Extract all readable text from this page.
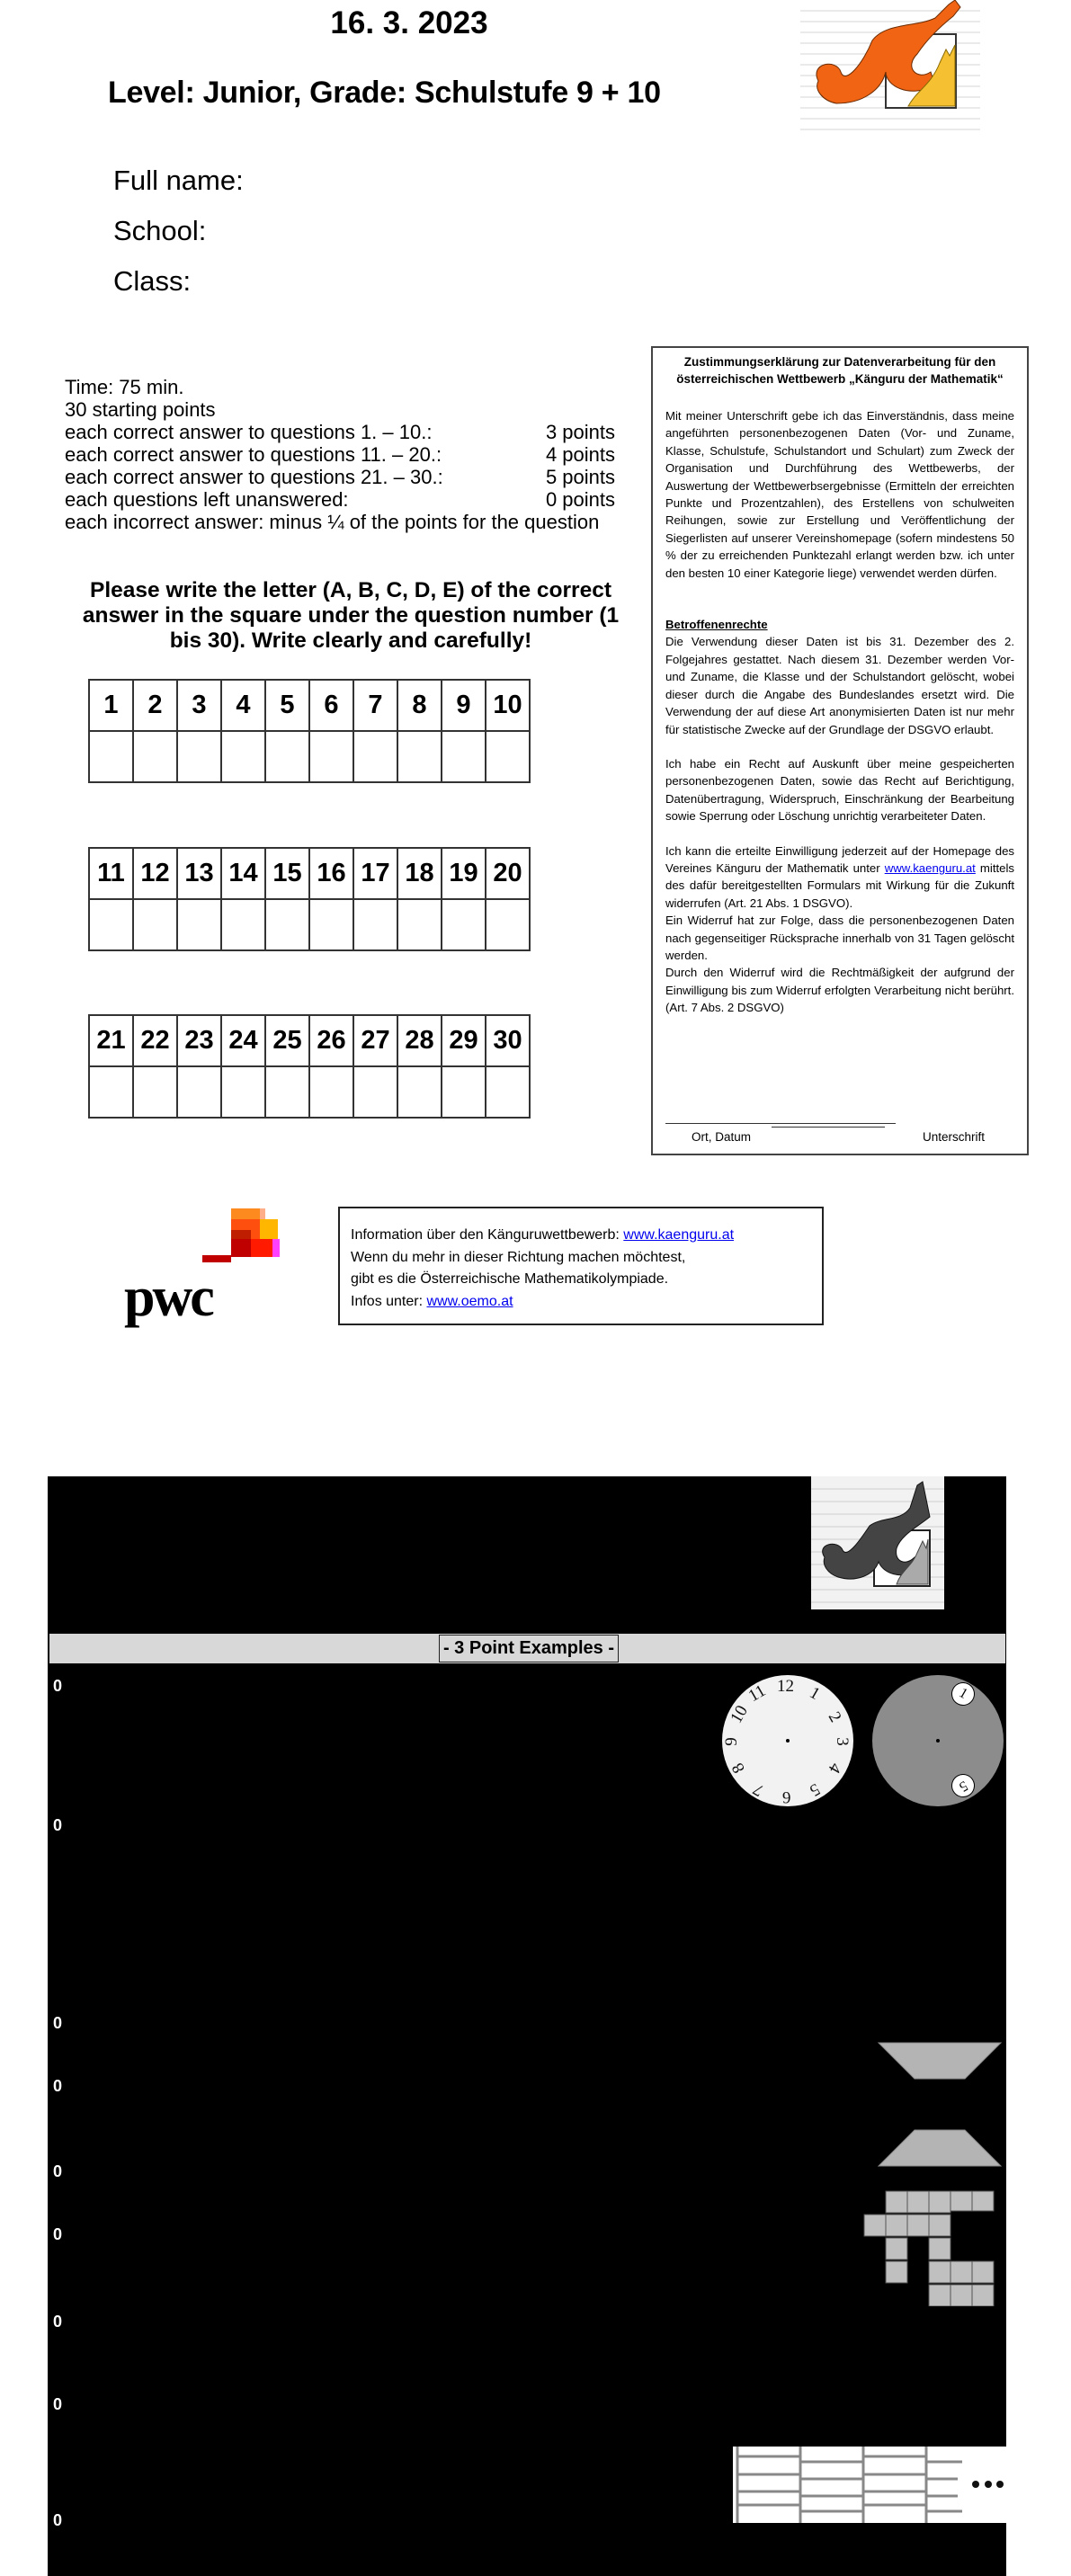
16. 3. 2023
Level: Junior, Grade: Schulstufe 9 + 10
Full name:
School:
Class:
Time: 75 min.
30 starting points
each correct answer to questions 1. – 10.:	3 points
each correct answer to questions 11. – 20.:	4 points
each correct answer to questions 21. – 30.:	5 points
each questions left unanswered:	0 points
each incorrect answer: minus ¼ of the points for the question
Please write the letter (A, B, C, D, E) of the correct answer in the square under the question number (1 bis 30). Write clearly and carefully!
1	2	3	4	5	6	7	8	9	10

11	12	13	14	15	16	17	18	19	20

21	22	23	24	25	26	27	28	29	30

Zustimmungserklärung zur Datenverarbeitung für den österreichischen Wettbewerb „Känguru der Mathematik“

Mit meiner Unterschrift gebe ich das Einverständnis, dass meine angeführten personenbezogenen Daten (Vor- und Zuname, Klasse, Schulstufe, Schulstandort und Schulart) zum Zweck der Organisation und Durchführung des Wettbewerbs, der Auswertung der Wettbewerbsergebnisse (Ermitteln der erreichten Punkte und Prozentzahlen), des Erstellens von schulweiten Reihungen, sowie zur Erstellung und Veröffentlichung der Siegerlisten auf unserer Vereinshomepage (sofern mindestens 50 % der zu erreichenden Punktezahl erlangt werden bzw. ich unter den besten 10 einer Kategorie liege) verwendet werden dürfen.

Betroffenenrechte

Die Verwendung dieser Daten ist bis 31. Dezember des 2. Folgejahres gestattet. Nach diesem 31. Dezember werden Vor- und Zuname, die Klasse und der Schulstandort gelöscht, wobei dieser durch die Angabe des Bundeslandes ersetzt wird. Die Verwendung der auf diese Art anonymisierten Daten ist nur mehr für statistische Zwecke auf der Grundlage der DSGVO erlaubt.

Ich habe ein Recht auf Auskunft über meine gespeicherten personenbezogenen Daten, sowie das Recht auf Berichtigung, Datenübertragung, Widerspruch, Einschränkung der Bearbeitung sowie Sperrung oder Löschung unrichtig verarbeiteter Daten.

Ich kann die erteilte Einwilligung jederzeit auf der Homepage des Vereines Känguru der Mathematik unter www.kaenguru.at mittels des dafür bereitgestellten Formulars mit Wirkung für die Zukunft widerrufen (Art. 21 Abs. 1 DSGVO).

Ein Widerruf hat zur Folge, dass die personenbezogenen Daten nach gegenseitiger Rücksprache innerhalb von 31 Tagen gelöscht werden.

Durch den Widerruf wird die Rechtmäßigkeit der aufgrund der Einwilligung bis zum Widerruf erfolgten Verarbeitung nicht berührt. (Art. 7 Abs. 2 DSGVO)

Ort, Datum	Unterschrift
pwc
Information über den Känguruwettbewerb: www.kaenguru.at
Wenn du mehr in dieser Richtung machen möchtest,
gibt es die Österreichische Mathematikolympiade.
Infos unter: www.oemo.at
- 3 Point Examples -
0
0
0
0
0
0
0
0
0
12 1
2
3
4
5
6
7
8
9
10
11	1
5
